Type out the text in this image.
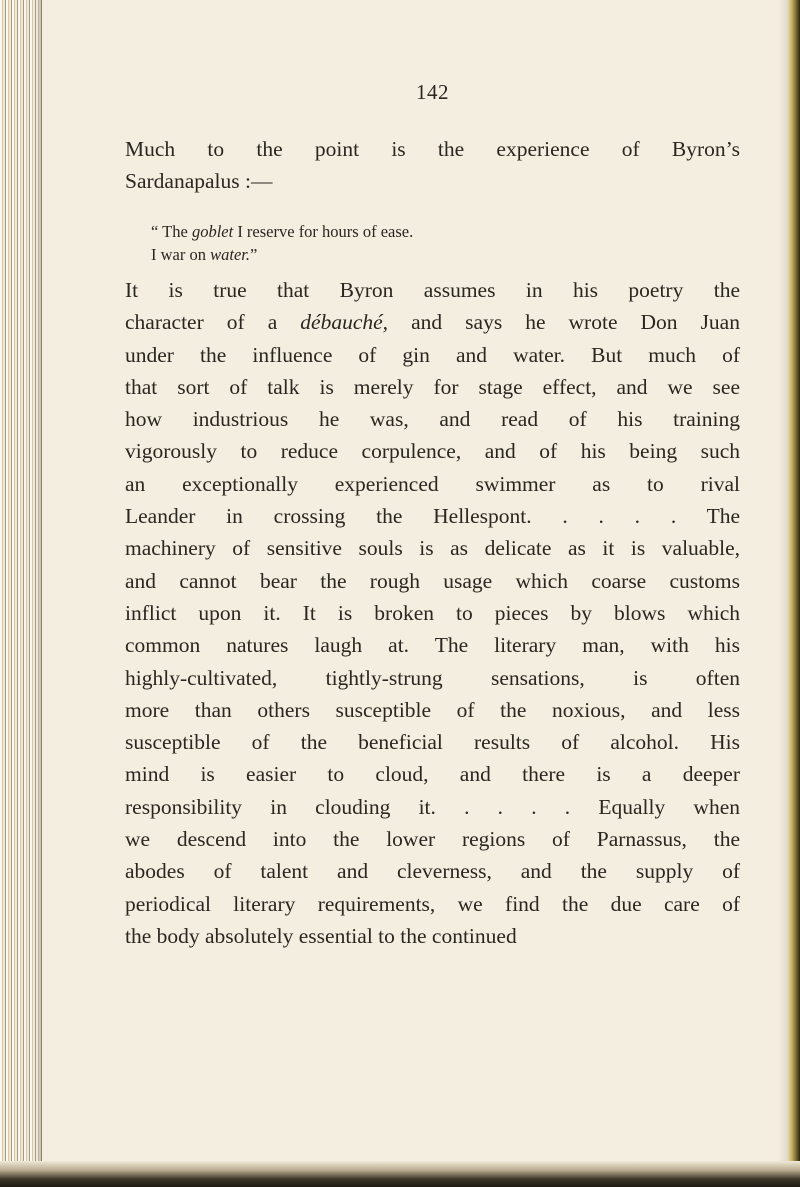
142
Much to the point is the experience of Byron’s
Sardanapalus :—
“ The goblet I reserve for hours of ease.
I war on water.”
It is true that Byron assumes in his poetry the
character of a débauché, and says he wrote Don Juan
under the influence of gin and water. But much of
that sort of talk is merely for stage effect, and we see
how industrious he was, and read of his training
vigorously to reduce corpulence, and of his being such
an exceptionally experienced swimmer as to rival
Leander in crossing the Hellespont. . . . . The
machinery of sensitive souls is as delicate as it is valuable,
and cannot bear the rough usage which coarse customs
inflict upon it. It is broken to pieces by blows which
common natures laugh at. The literary man, with his
highly-cultivated, tightly-strung sensations, is often
more than others susceptible of the noxious, and less
susceptible of the beneficial results of alcohol. His
mind is easier to cloud, and there is a deeper
responsibility in clouding it. . . . . Equally when
we descend into the lower regions of Parnassus, the
abodes of talent and cleverness, and the supply of
periodical literary requirements, we find the due care of
the body absolutely essential to the continued
